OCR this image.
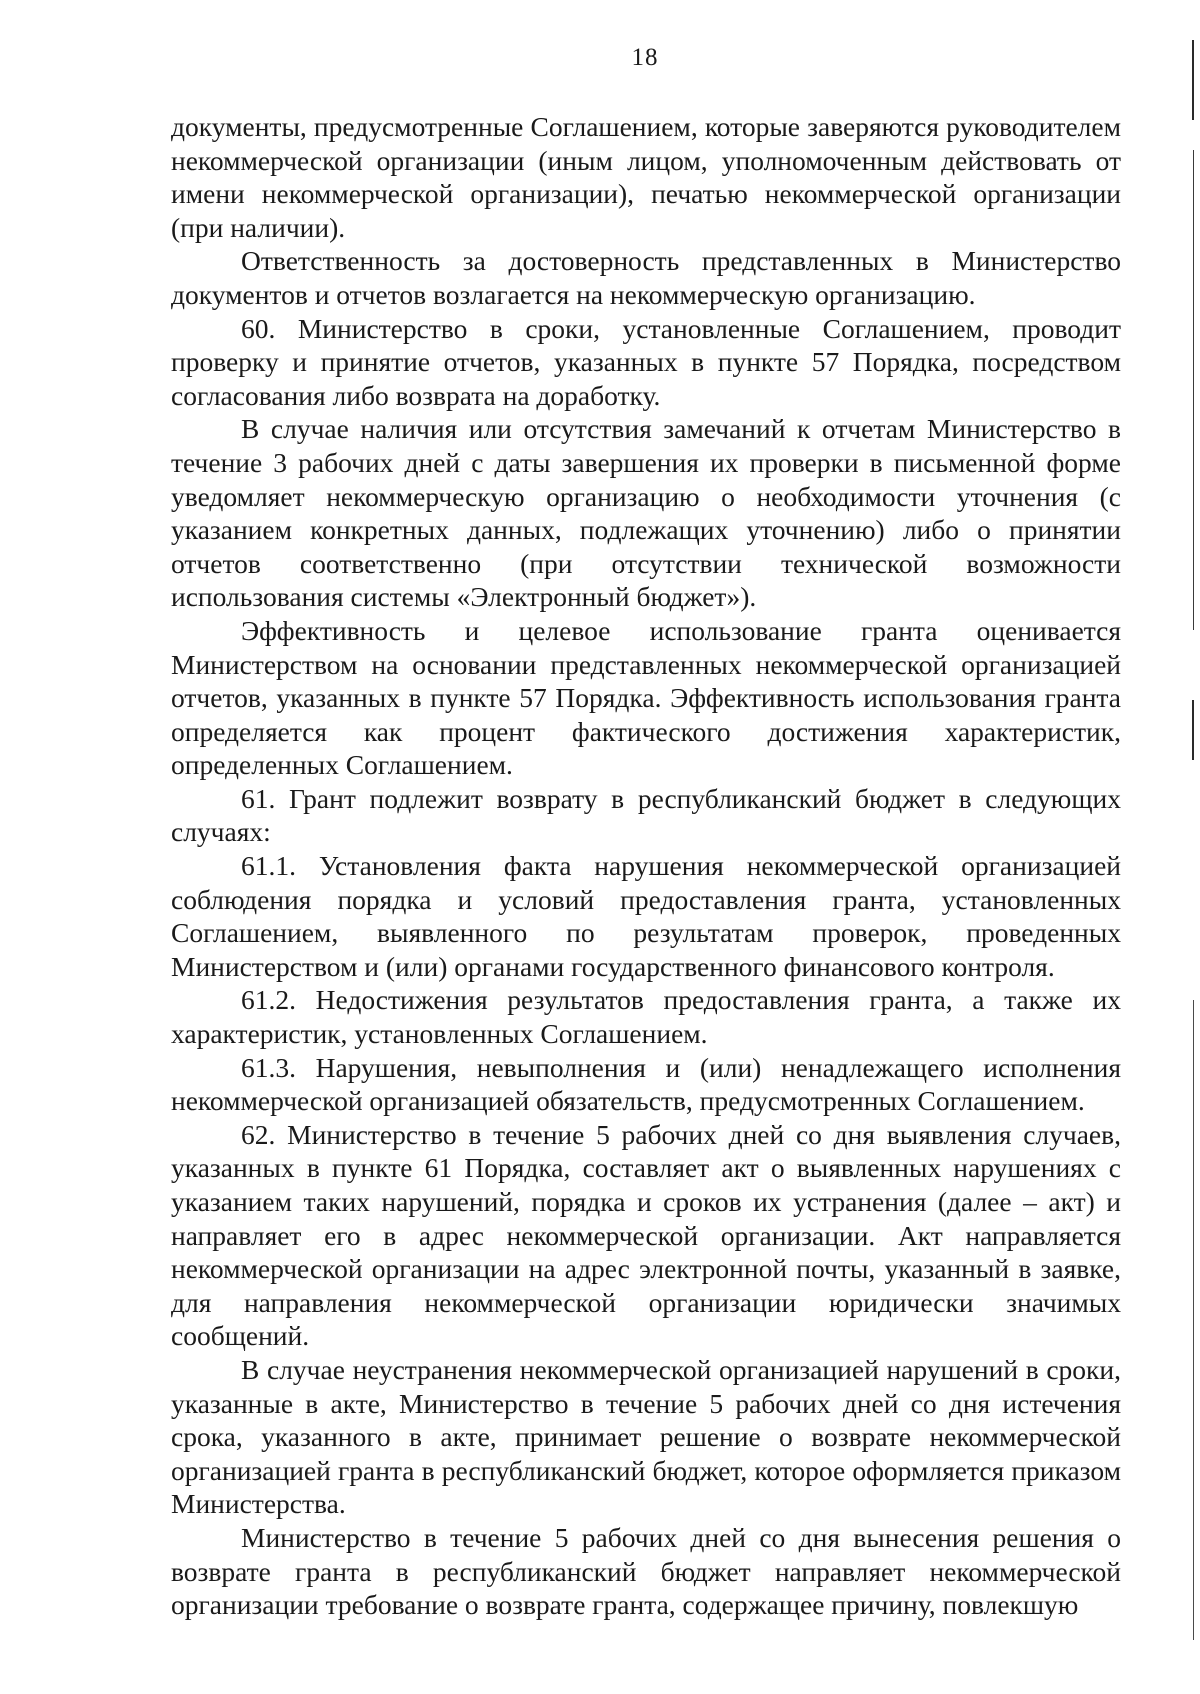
18

документы, предусмотренные Соглашением, которые заверяются руководителем некоммерческой организации (иным лицом, уполномоченным действовать от имени некоммерческой организации), печатью некоммерческой организации (при наличии).

Ответственность за достоверность представленных в Министерство документов и отчетов возлагается на некоммерческую организацию.

60. Министерство в сроки, установленные Соглашением, проводит проверку и принятие отчетов, указанных в пункте 57 Порядка, посредством согласования либо возврата на доработку.

В случае наличия или отсутствия замечаний к отчетам Министерство в течение 3 рабочих дней с даты завершения их проверки в письменной форме уведомляет некоммерческую организацию о необходимости уточнения (с указанием конкретных данных, подлежащих уточнению) либо о принятии отчетов соответственно (при отсутствии технической возможности использования системы «Электронный бюджет»).

Эффективность и целевое использование гранта оценивается Министерством на основании представленных некоммерческой организацией отчетов, указанных в пункте 57 Порядка. Эффективность использования гранта определяется как процент фактического достижения характеристик, определенных Соглашением.

61. Грант подлежит возврату в республиканский бюджет в следующих случаях:

61.1. Установления факта нарушения некоммерческой организацией соблюдения порядка и условий предоставления гранта, установленных Соглашением, выявленного по результатам проверок, проведенных Министерством и (или) органами государственного финансового контроля.

61.2. Недостижения результатов предоставления гранта, а также их характеристик, установленных Соглашением.

61.3. Нарушения, невыполнения и (или) ненадлежащего исполнения некоммерческой организацией обязательств, предусмотренных Соглашением.

62. Министерство в течение 5 рабочих дней со дня выявления случаев, указанных в пункте 61 Порядка, составляет акт о выявленных нарушениях с указанием таких нарушений, порядка и сроков их устранения (далее – акт) и направляет его в адрес некоммерческой организации. Акт направляется некоммерческой организации на адрес электронной почты, указанный в заявке, для направления некоммерческой организации юридически значимых сообщений.

В случае неустранения некоммерческой организацией нарушений в сроки, указанные в акте, Министерство в течение 5 рабочих дней со дня истечения срока, указанного в акте, принимает решение о возврате некоммерческой организацией гранта в республиканский бюджет, которое оформляется приказом Министерства.

Министерство в течение 5 рабочих дней со дня вынесения решения о возврате гранта в республиканский бюджет направляет некоммерческой организации требование о возврате гранта, содержащее причину, повлекшую
